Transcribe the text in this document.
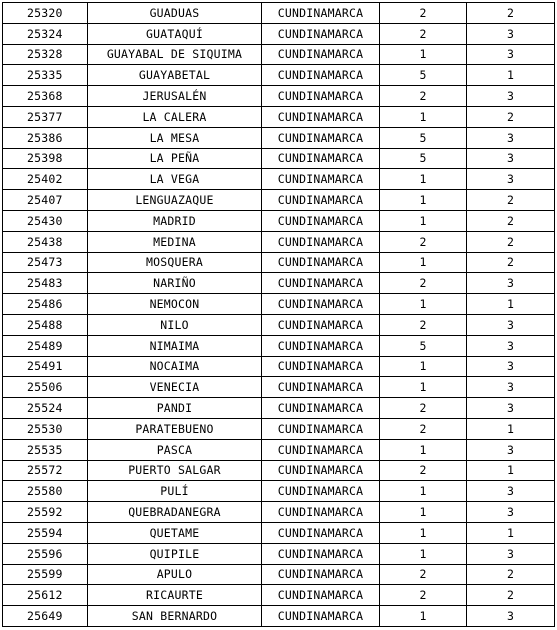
25320	GUADUAS	CUNDINAMARCA	2	2
25324	GUATAQUÍ	CUNDINAMARCA	2	3
25328	GUAYABAL DE SIQUIMA	CUNDINAMARCA	1	3
25335	GUAYABETAL	CUNDINAMARCA	5	1
25368	JERUSALÉN	CUNDINAMARCA	2	3
25377	LA CALERA	CUNDINAMARCA	1	2
25386	LA MESA	CUNDINAMARCA	5	3
25398	LA PEÑA	CUNDINAMARCA	5	3
25402	LA VEGA	CUNDINAMARCA	1	3
25407	LENGUAZAQUE	CUNDINAMARCA	1	2
25430	MADRID	CUNDINAMARCA	1	2
25438	MEDINA	CUNDINAMARCA	2	2
25473	MOSQUERA	CUNDINAMARCA	1	2
25483	NARIÑO	CUNDINAMARCA	2	3
25486	NEMOCON	CUNDINAMARCA	1	1
25488	NILO	CUNDINAMARCA	2	3
25489	NIMAIMA	CUNDINAMARCA	5	3
25491	NOCAIMA	CUNDINAMARCA	1	3
25506	VENECIA	CUNDINAMARCA	1	3
25524	PANDI	CUNDINAMARCA	2	3
25530	PARATEBUENO	CUNDINAMARCA	2	1
25535	PASCA	CUNDINAMARCA	1	3
25572	PUERTO SALGAR	CUNDINAMARCA	2	1
25580	PULÍ	CUNDINAMARCA	1	3
25592	QUEBRADANEGRA	CUNDINAMARCA	1	3
25594	QUETAME	CUNDINAMARCA	1	1
25596	QUIPILE	CUNDINAMARCA	1	3
25599	APULO	CUNDINAMARCA	2	2
25612	RICAURTE	CUNDINAMARCA	2	2
25649	SAN BERNARDO	CUNDINAMARCA	1	3
